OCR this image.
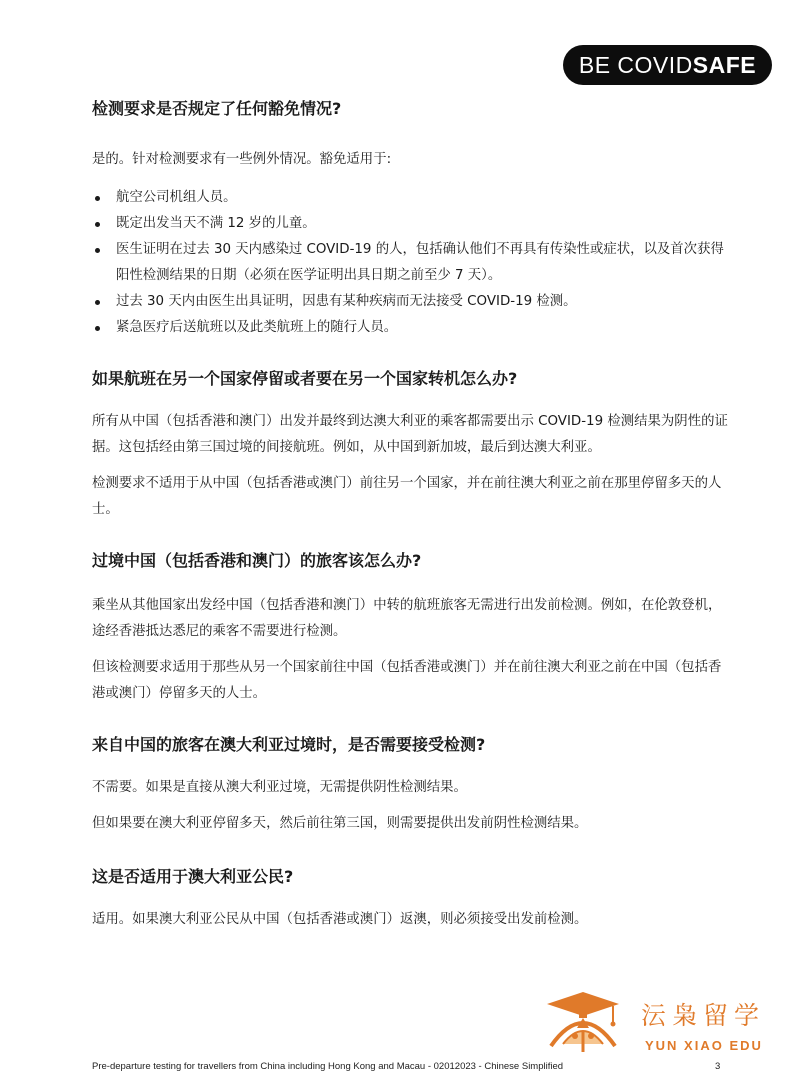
BE COVID SAFE
检测要求是否规定了任何豁免情况?

是的。针对检测要求有一些例外情况。豁免适用于:

航空公司机组人员。
既定出发当天不满 12 岁的儿童。
医生证明在过去 30 天内感染过 COVID-19 的人，包括确认他们不再具有传染性或症状，以及首次获得阳性检测结果的日期（必须在医学证明出具日期之前至少 7 天）。
过去 30 天内由医生出具证明，因患有某种疾病而无法接受 COVID-19 检测。
紧急医疗后送航班以及此类航班上的随行人员。
如果航班在另一个国家停留或者要在另一个国家转机怎么办?

所有从中国（包括香港和澳门）出发并最终到达澳大利亚的乘客都需要出示 COVID-19 检测结果为阴性的证据。这包括经由第三国过境的间接航班。例如，从中国到新加坡，最后到达澳大利亚。

检测要求不适用于从中国（包括香港或澳门）前往另一个国家，并在前往澳大利亚之前在那里停留多天的人士。

过境中国（包括香港和澳门）的旅客该怎么办?

乘坐从其他国家出发经中国（包括香港和澳门）中转的航班旅客无需进行出发前检测。例如，在伦敦登机，途经香港抵达悉尼的乘客不需要进行检测。

但该检测要求适用于那些从另一个国家前往中国（包括香港或澳门）并在前往澳大利亚之前在中国（包括香港或澳门）停留多天的人士。

来自中国的旅客在澳大利亚过境时，是否需要接受检测?

不需要。如果是直接从澳大利亚过境，无需提供阴性检测结果。

但如果要在澳大利亚停留多天，然后前往第三国，则需要提供出发前阴性检测结果。

这是否适用于澳大利亚公民?

适用。如果澳大利亚公民从中国（包括香港或澳门）返澳，则必须接受出发前检测。

沄枭留学
YUN XIAO EDU
Pre-departure testing for travellers from China including Hong Kong and Macau - 02012023 - Chinese Simplified	3
